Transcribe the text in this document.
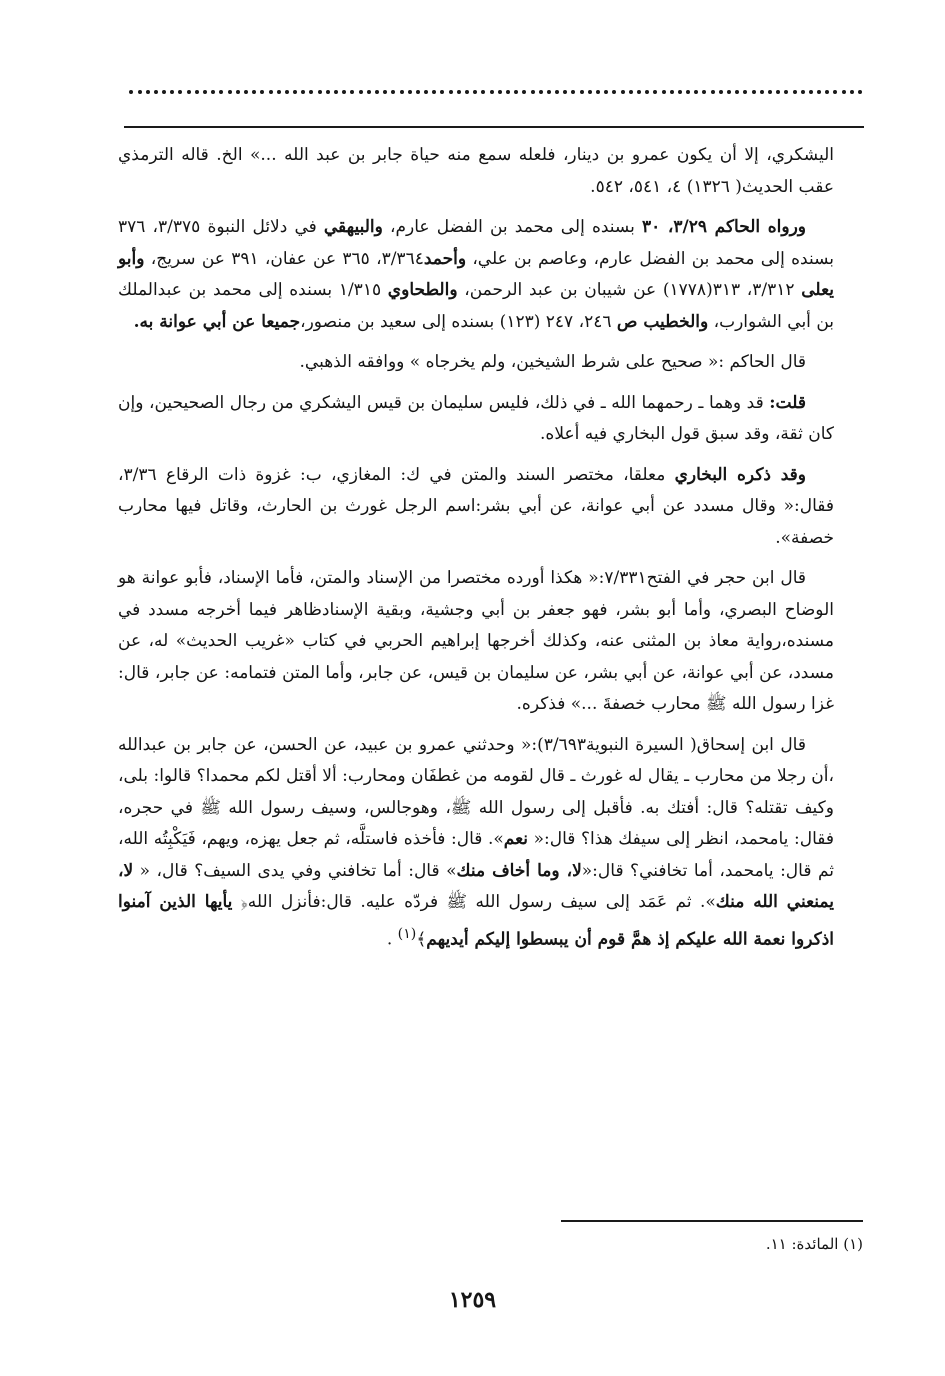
اليشكري، إلا أن يكون عمرو بن دينار، فلعله سمع منه حياة جابر بن عبد الله ...» الخ. قاله الترمذي عقب الحديث( ١٣٢٦) ٤، ٥٤١، ٥٤٢.

ورواه الحاكم ٣/٢٩، ٣٠ بسنده إلى محمد بن الفضل عارم، والبيهقي في دلائل النبوة ٣/٣٧٥، ٣٧٦ بسنده إلى محمد بن الفضل عارم، وعاصم بن علي، وأحمد٣/٣٦٤، ٣٦٥ عن عفان، ٣٩١ عن سريج، وأبو يعلى ٣/٣١٢، ٣١٣(١٧٧٨) عن شيبان بن عبد الرحمن، والطحاوي ١/٣١٥ بسنده إلى محمد بن عبدالملك بن أبي الشوارب، والخطيب ص ٢٤٦، ٢٤٧ (١٢٣) بسنده إلى سعيد بن منصور،جميعا عن أبي عوانة به.

قال الحاكم :« صحيح على شرط الشيخين، ولم يخرجاه » ووافقه الذهبي.

قلت: قد وهما ـ رحمهما الله ـ في ذلك، فليس سليمان بن قيس اليشكري من رجال الصحيحين، وإن كان ثقة، وقد سبق قول البخاري فيه أعلاه.

وقد ذكره البخاري معلقا، مختصر السند والمتن في ك: المغازي، ب: غزوة ذات الرقاع ٣/٣٦، فقال:« وقال مسدد عن أبي عوانة، عن أبي بشر:اسم الرجل غورث بن الحارث، وقاتل فيها محارب خصفة».

قال ابن حجر في الفتح٧/٣٣١:« هكذا أورده مختصرا من الإسناد والمتن، فأما الإسناد، فأبو عوانة هو الوضاح البصري، وأما أبو بشر، فهو جعفر بن أبي وجشية، وبقية الإسنادظاهر فيما أخرجه مسدد في مسنده،رواية معاذ بن المثنى عنه، وكذلك أخرجها إبراهيم الحربي في كتاب «غريب الحديث» له، عن مسدد، عن أبي عوانة، عن أبي بشر، عن سليمان بن قيس، عن جابر، وأما المتن فتمامه: عن جابر، قال: غزا رسول الله ﷺ محارب خصفةَ ...» فذكره.

قال ابن إسحاق( السيرة النبوية٣/٦٩٣):« وحدثني عمرو بن عبيد، عن الحسن، عن جابر بن عبدالله ،أن رجلا من محارب ـ يقال له غورث ـ قال لقومه من غطفَان ومحارب: ألا أقتل لكم محمدا؟ قالوا: بلى، وكيف تقتله؟ قال: أفتك به. فأقبل إلى رسول الله ﷺ، وهوجالس، وسيف رسول الله ﷺ في حجره، فقال: يامحمد، انظر إلى سيفك هذا؟ قال:« نعم». قال: فأخذه فاستلَّه، ثم جعل يهزه، ويهم، فَيَكْبِتُه الله، ثم قال: يامحمد، أما تخافني؟ قال:«لا، وما أخاف منك» قال: أما تخافني وفي يدى السيف؟ قال، « لا، يمنعني الله منك». ثم عَمَد إلى سيف رسول الله ﷺ فردّه عليه. قال:فأنزل الله﴿ يأيها الذين آمنوا اذكروا نعمة الله عليكم إذ همَّ قوم أن يبسطوا إليكم أيديهم﴾$^{(١)}$ .

(١) المائدة: ١١.
١٢٥٩
